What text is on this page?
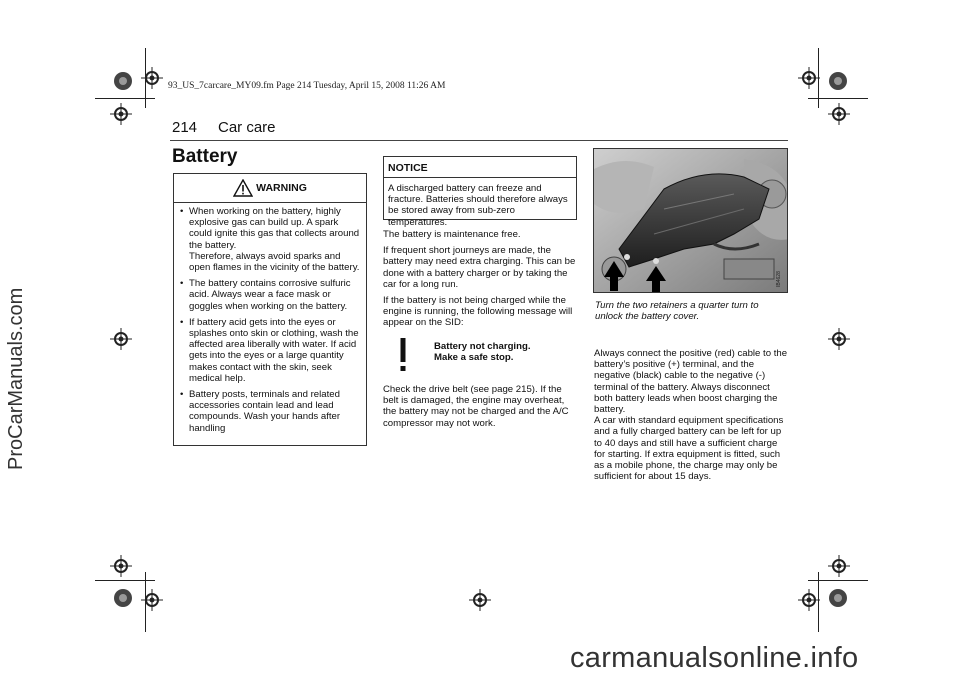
93_US_7carcare_MY09.fm Page 214 Tuesday, April 15, 2008 11:26 AM
214 Car care
Battery
WARNING
• When working on the battery, highly explosive gas can build up. A spark could ignite this gas that collects around the battery.
Therefore, always avoid sparks and open flames in the vicinity of the battery.
• The battery contains corrosive sulfuric acid. Always wear a face mask or goggles when working on the battery.
• If battery acid gets into the eyes or splashes onto skin or clothing, wash the affected area liberally with water. If acid gets into the eyes or a large quantity makes contact with the skin, seek medical help.
• Battery posts, terminals and related accessories contain lead and lead compounds. Wash your hands after handling
NOTICE
A discharged battery can freeze and fracture. Batteries should therefore always be stored away from sub-zero temperatures.

The battery is maintenance free.

If frequent short journeys are made, the battery may need extra charging. This can be done with a battery charger or by taking the car for a long run.

If the battery is not being charged while the engine is running, the following message will appear on the SID:

Battery not charging.
Make a safe stop.
Check the drive belt (see page 215). If the belt is damaged, the engine may overheat, the battery may not be charged and the A/C compressor may not work.
IB4628
Turn the two retainers a quarter turn to unlock the battery cover.

Always connect the positive (red) cable to the battery’s positive (+) terminal, and the negative (black) cable to the negative (-) terminal of the battery. Always disconnect both battery leads when boost charging the battery.

A car with standard equipment specifications and a fully charged battery can be left for up to 40 days and still have a sufficient charge for starting. If extra equipment is fitted, such as a mobile phone, the charge may only be sufficient for about 15 days.

ProCarManuals.com
carmanualsonline.info
